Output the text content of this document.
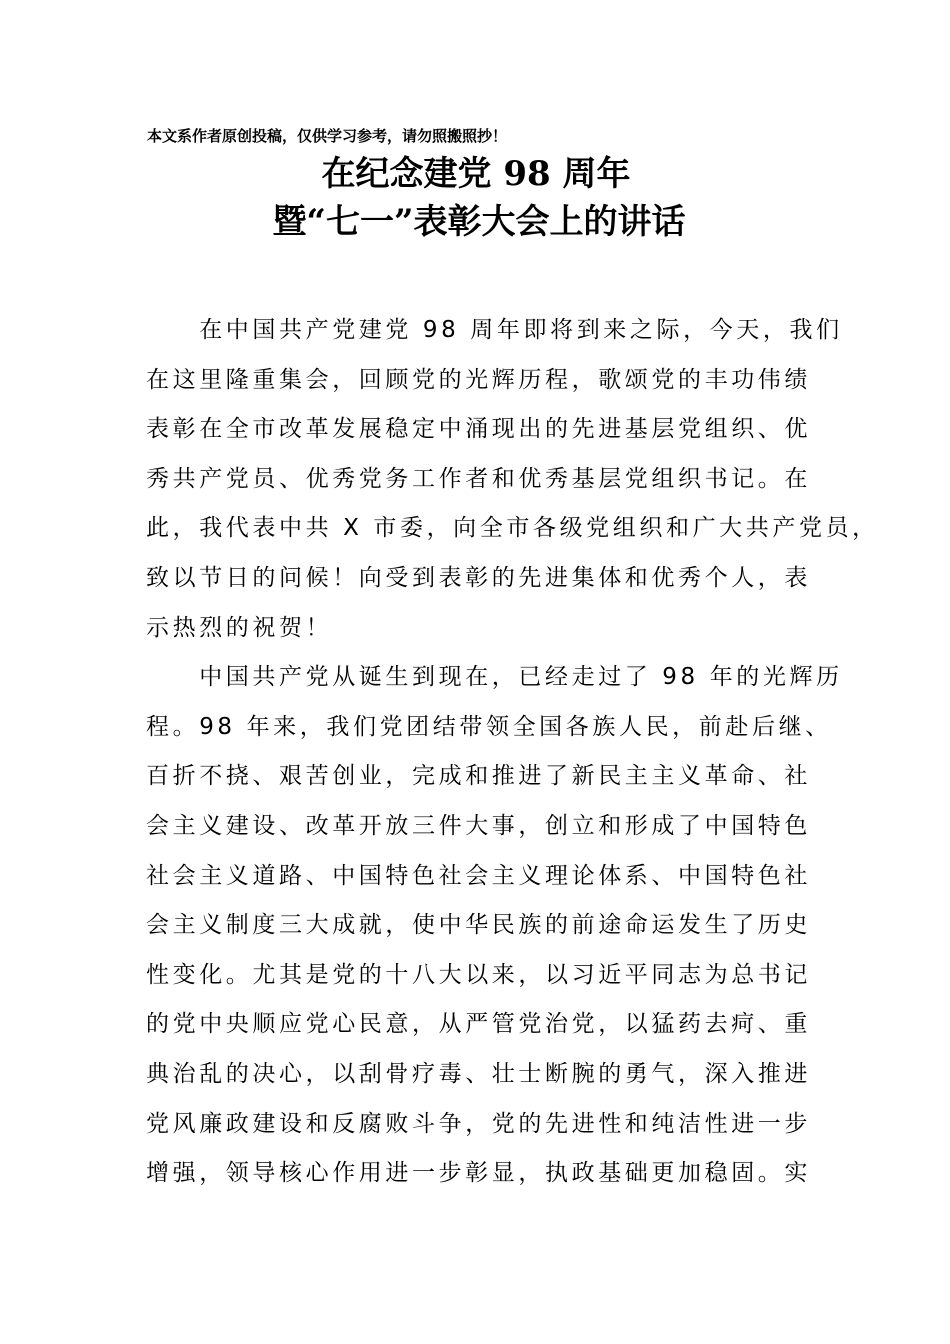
本文系作者原创投稿，仅供学习参考，请勿照搬照抄！
在纪念建党 98 周年
暨“七一”表彰大会上的讲话
　　在中国共产党建党 98 周年即将到来之际，今天，我们
在这里隆重集会，回顾党的光辉历程，歌颂党的丰功伟绩
表彰在全市改革发展稳定中涌现出的先进基层党组织、优
秀共产党员、优秀党务工作者和优秀基层党组织书记。在
此，我代表中共 X 市委，向全市各级党组织和广大共产党员，
致以节日的问候！向受到表彰的先进集体和优秀个人，表
示热烈的祝贺！
　　中国共产党从诞生到现在，已经走过了 98 年的光辉历
程。98 年来，我们党团结带领全国各族人民，前赴后继、
百折不挠、艰苦创业，完成和推进了新民主主义革命、社
会主义建设、改革开放三件大事，创立和形成了中国特色
社会主义道路、中国特色社会主义理论体系、中国特色社
会主义制度三大成就，使中华民族的前途命运发生了历史
性变化。尤其是党的十八大以来，以习近平同志为总书记
的党中央顺应党心民意，从严管党治党，以猛药去疴、重
典治乱的决心，以刮骨疗毒、壮士断腕的勇气，深入推进
党风廉政建设和反腐败斗争，党的先进性和纯洁性进一步
增强，领导核心作用进一步彰显，执政基础更加稳固。实
